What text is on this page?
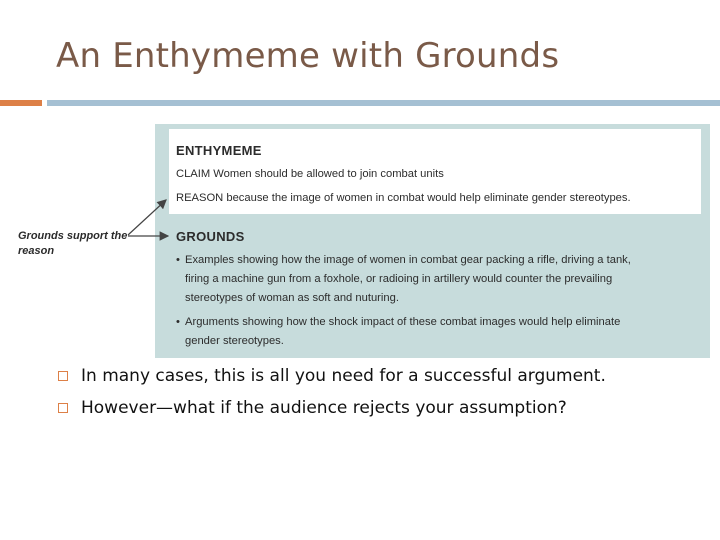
An Enthymeme with Grounds
ENTHYMEME
CLAIM Women should be allowed to join combat units
REASON because the image of women in combat would help eliminate gender stereotypes.
GROUNDS
• Examples showing how the image of women in combat gear packing a rifle, driving a tank,
firing a machine gun from a foxhole, or radioing in artillery would counter the prevailing
stereotypes of woman as soft and nuturing.
• Arguments showing how the shock impact of these combat images would help eliminate
gender stereotypes.
Grounds support the reason
In many cases, this is all you need for a successful argument.
However—what if the audience rejects your assumption?
